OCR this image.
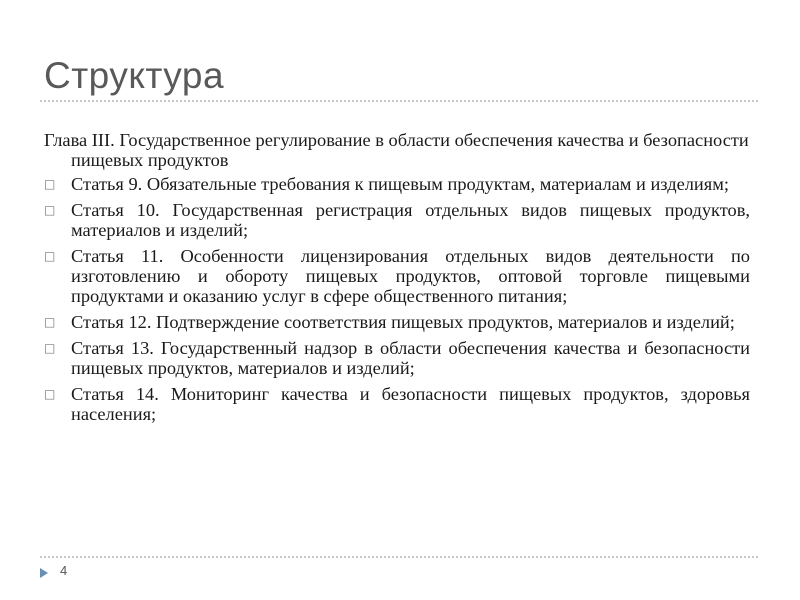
Структура

Глава III. Государственное регулирование в области обеспечения качества и безопасности пищевых продуктов

□ Статья 9. Обязательные требования к пищевым продуктам, материалам и изделиям;
□ Статья 10. Государственная регистрация отдельных видов пищевых продуктов, материалов и изделий;
□ Статья 11. Особенности лицензирования отдельных видов деятельности по изготовлению и обороту пищевых продуктов, оптовой торговле пищевыми продуктами и оказанию услуг в сфере общественного питания;
□ Статья 12. Подтверждение соответствия пищевых продуктов, материалов и изделий;
□ Статья 13. Государственный надзор в области обеспечения качества и безопасности пищевых продуктов, материалов и изделий;
□ Статья 14. Мониторинг качества и безопасности пищевых продуктов, здоровья населения;
4
